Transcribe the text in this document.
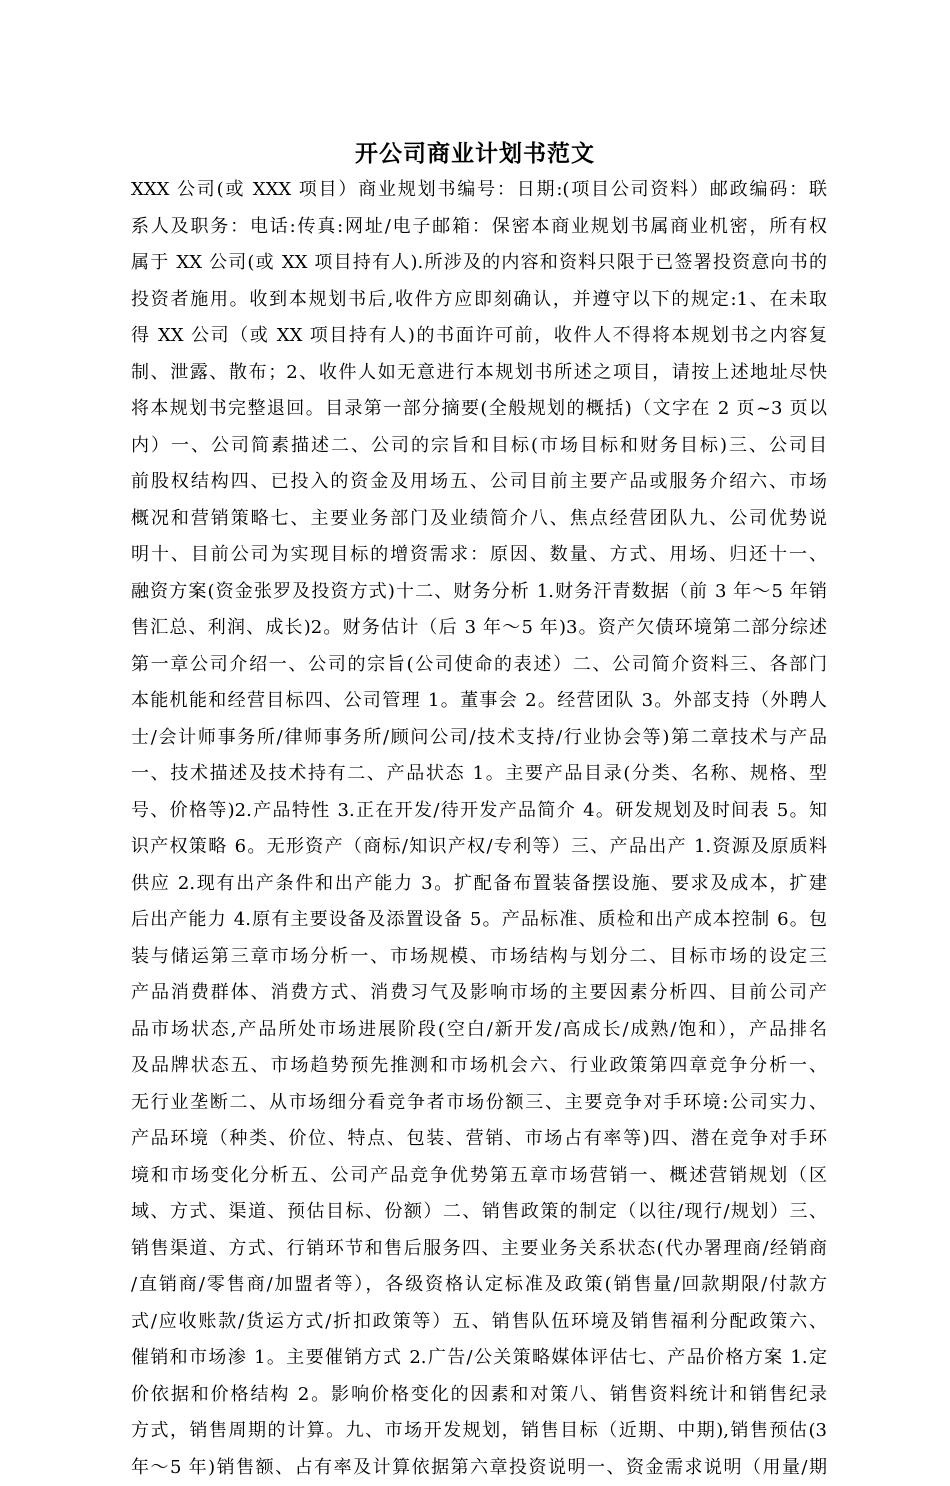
开公司商业计划书范文
XXX 公司(或 XXX 项目）商业规划书编号：日期:(项目公司资料）邮政编码：联
系人及职务：电话:传真:网址/电子邮箱：保密本商业规划书属商业机密，所有权
属于 XX 公司(或 XX 项目持有人).所涉及的内容和资料只限于已签署投资意向书的
投资者施用。收到本规划书后,收件方应即刻确认，并遵守以下的规定:1、在未取
得 XX 公司（或 XX 项目持有人)的书面许可前，收件人不得将本规划书之内容复
制、泄露、散布；2、收件人如无意进行本规划书所述之项目，请按上述地址尽快
将本规划书完整退回。目录第一部分摘要(全般规划的概括)（文字在 2 页~3 页以
内）一、公司简素描述二、公司的宗旨和目标(市场目标和财务目标)三、公司目
前股权结构四、已投入的资金及用场五、公司目前主要产品或服务介绍六、市场
概况和营销策略七、主要业务部门及业绩简介八、焦点经营团队九、公司优势说
明十、目前公司为实现目标的增资需求：原因、数量、方式、用场、归还十一、
融资方案(资金张罗及投资方式)十二、财务分析 1.财务汗青数据（前 3 年～5 年销
售汇总、利润、成长)2。财务估计（后 3 年～5 年)3。资产欠债环境第二部分综述
第一章公司介绍一、公司的宗旨(公司使命的表述）二、公司简介资料三、各部门
本能机能和经营目标四、公司管理 1。董事会 2。经营团队 3。外部支持（外聘人
士/会计师事务所/律师事务所/顾问公司/技术支持/行业协会等)第二章技术与产品
一、技术描述及技术持有二、产品状态 1。主要产品目录(分类、名称、规格、型
号、价格等)2.产品特性 3.正在开发/待开发产品简介 4。研发规划及时间表 5。知
识产权策略 6。无形资产（商标/知识产权/专利等）三、产品出产 1.资源及原质料
供应 2.现有出产条件和出产能力 3。扩配备布置装备摆设施、要求及成本，扩建
后出产能力 4.原有主要设备及添置设备 5。产品标准、质检和出产成本控制 6。包
装与储运第三章市场分析一、市场规模、市场结构与划分二、目标市场的设定三
产品消费群体、消费方式、消费习气及影响市场的主要因素分析四、目前公司产
品市场状态,产品所处市场进展阶段(空白/新开发/高成长/成熟/饱和），产品排名
及品牌状态五、市场趋势预先推测和市场机会六、行业政策第四章竞争分析一、
无行业垄断二、从市场细分看竞争者市场份额三、主要竞争对手环境:公司实力、
产品环境（种类、价位、特点、包装、营销、市场占有率等)四、潜在竞争对手环
境和市场变化分析五、公司产品竞争优势第五章市场营销一、概述营销规划（区
域、方式、渠道、预估目标、份额）二、销售政策的制定（以往/现行/规划）三、
销售渠道、方式、行销环节和售后服务四、主要业务关系状态(代办署理商/经销商
/直销商/零售商/加盟者等），各级资格认定标准及政策(销售量/回款期限/付款方
式/应收账款/货运方式/折扣政策等）五、销售队伍环境及销售福利分配政策六、
催销和市场渗 1。主要催销方式 2.广告/公关策略媒体评估七、产品价格方案 1.定
价依据和价格结构 2。影响价格变化的因素和对策八、销售资料统计和销售纪录
方式，销售周期的计算。九、市场开发规划，销售目标（近期、中期),销售预估(3
年～5 年)销售额、占有率及计算依据第六章投资说明一、资金需求说明（用量/期
